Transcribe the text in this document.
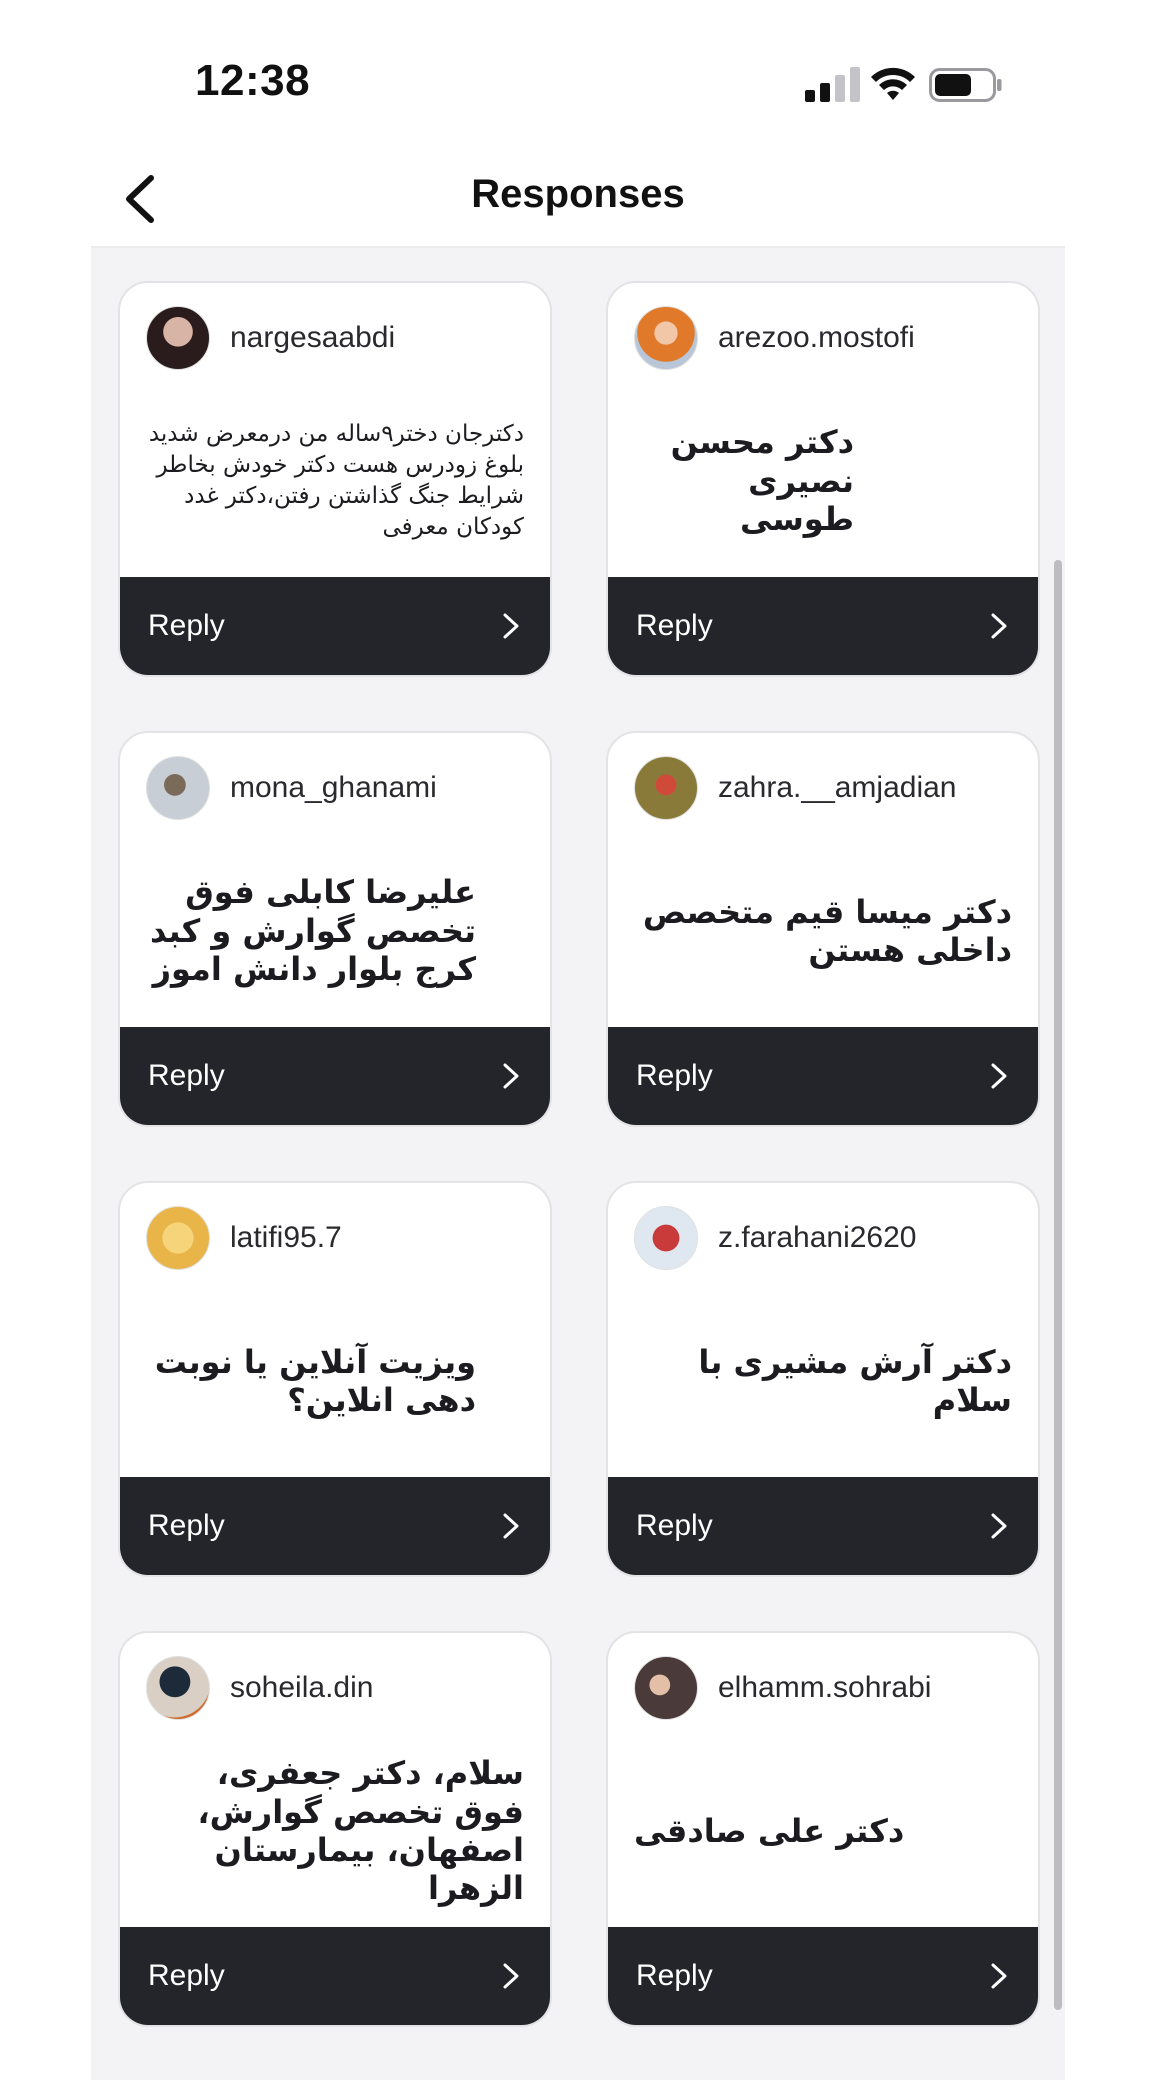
12:38
Responses
nargesaabdi
دکترجان دختر۹ساله من درمعرض شدید بلوغ زودرس هست دکتر خودش بخاطر شرایط جنگ گذاشتن رفتن،دکتر غدد کودکان معرفی
Reply
arezoo.mostofi
دکتر محسن نصیری طوسی
Reply
mona_ghanami
علیرضا کابلی فوق تخصص گوارش و کبد کرج بلوار دانش اموز
Reply
zahra.__amjadian
دکتر میسا قیم متخصص داخلی هستن
Reply
latifi95.7
ویزیت آنلاین یا نوبت دهی انلاین؟
Reply
z.farahani2620
دکتر آرش مشیری با سلام
Reply
soheila.din
سلام، دکتر جعفری، فوق تخصص گوارش، اصفهان، بیمارستان الزهرا
Reply
elhamm.sohrabi
دکتر علی صادقی
Reply
